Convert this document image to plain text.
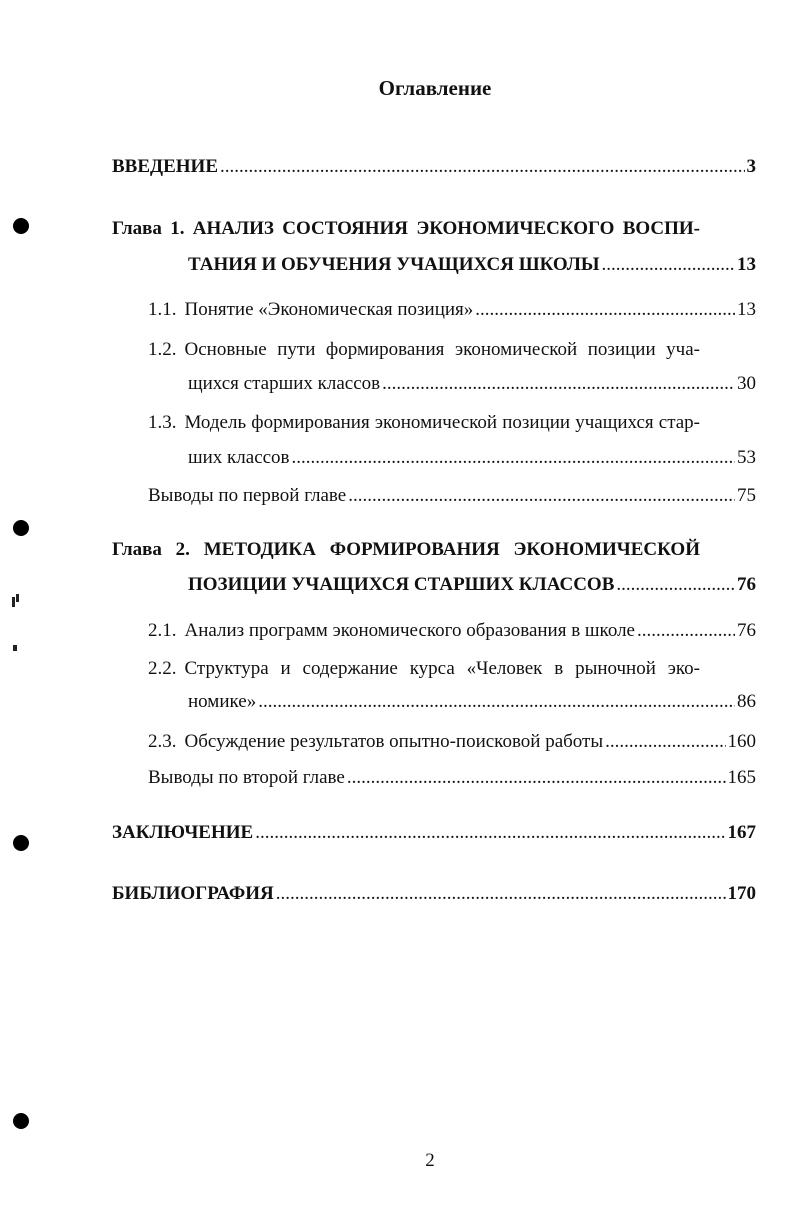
Оглавление
ВВЕДЕНИЕ .....	3
Глава 1. АНАЛИЗ СОСТОЯНИЯ ЭКОНОМИЧЕСКОГО ВОСПИ-
ТАНИЯ И ОБУЧЕНИЯ УЧАЩИХСЯ ШКОЛЫ .....	13
1.1. Понятие «Экономическая позиция» .....	13
1.2. Основные пути формирования экономической позиции уча-
щихся старших классов .....	30
1.3. Модель формирования экономической позиции учащихся стар-
ших классов .....	53
Выводы по первой главе .....	75
Глава 2. МЕТОДИКА ФОРМИРОВАНИЯ ЭКОНОМИЧЕСКОЙ
ПОЗИЦИИ УЧАЩИХСЯ СТАРШИХ КЛАССОВ .....	76
2.1. Анализ программ экономического образования в школе .....	76
2.2. Структура и содержание курса «Человек в рыночной эко-
номике» .....	86
2.3. Обсуждение результатов опытно-поисковой работы .....	160
Выводы по второй главе .....	165
ЗАКЛЮЧЕНИЕ .....	167
БИБЛИОГРАФИЯ .....	170
2
